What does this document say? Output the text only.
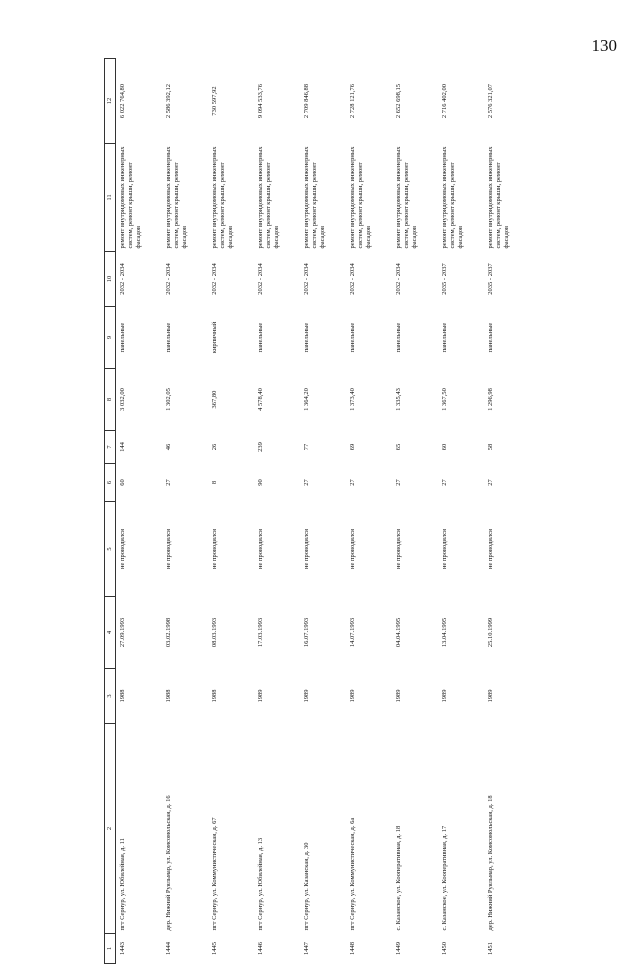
130
1	2	3	4	5	6	7	8	9	10	11	12
1443	пгт Сернур, ул. Юбилейная, д. 11	1988	27.09.1993	не проводился	60	144	3 032,00	панельные	2032 - 2034	ремонт внутридомовых инженерных систем, ремонт крыши, ремонт фасадов	6 022 764,80
1444	дер. Нижний Руяльмар, ул. Комсомольская, д. 16	1988	03.02.1998	не проводился	27	46	1 302,05	панельные	2032 - 2034	ремонт внутридомовых инженерных систем, ремонт крыши, ремонт фасадов	2 586 392,12
1445	пгт Сернур, ул. Коммунистическая, д. 67	1988	08.03.1993	не проводился	8	26	367,80	кирпичный	2032 - 2034	ремонт внутридомовых инженерных систем, ремонт крыши, ремонт фасадов	730 597,92
1446	пгт Сернур, ул. Юбилейная, д. 13	1989	17.03.1993	не проводился	90	239	4 578,40	панельные	2032 - 2034	ремонт внутридомовых инженерных систем, ремонт крыши, ремонт фасадов	9 094 533,76
1447	пгт Сернур, ул. Казанская, д. 30	1989	16.07.1993	не проводился	27	77	1 364,20	панельные	2032 - 2034	ремонт внутридомовых инженерных систем, ремонт крыши, ремонт фасадов	2 709 846,88
1448	пгт Сернур, ул. Коммунистическая, д. 6а	1989	14.07.1993	не проводился	27	69	1 373,40	панельные	2032 - 2034	ремонт внутридомовых инженерных систем, ремонт крыши, ремонт фасадов	2 728 121,76
1449	с. Казанское, ул. Кооперативная, д. 18	1989	04.04.1995	не проводился	27	65	1 335,43	панельные	2032 - 2034	ремонт внутридомовых инженерных систем, ремонт крыши, ремонт фасадов	2 652 698,15
1450	с. Казанское, ул. Кооперативная, д. 17	1989	13.04.1995	не проводился	27	60	1 367,50	панельные	2035 - 2037	ремонт внутридомовых инженерных систем, ремонт крыши, ремонт фасадов	2 716 402,00
1451	дер. Нижний Руяльмар, ул. Комсомольская, д. 18	1989	25.10.1999	не проводился	27	58	1 296,98	панельные	2035 - 2037	ремонт внутридомовых инженерных систем, ремонт крыши, ремонт фасадов	2 576 321,07
